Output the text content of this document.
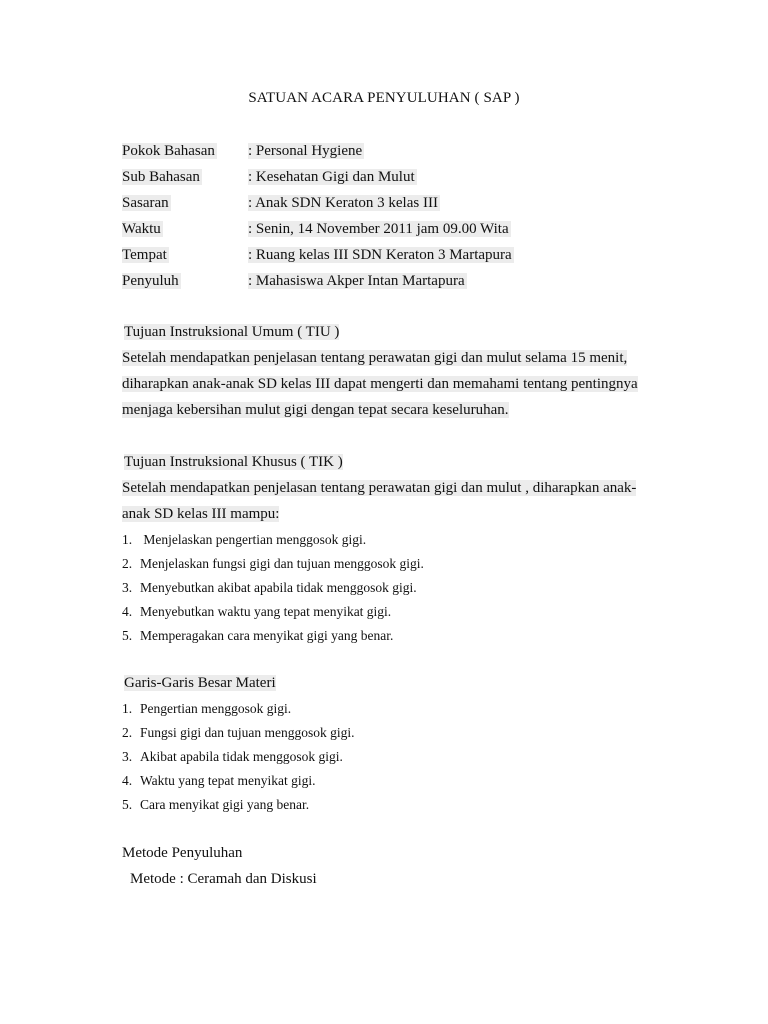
SATUAN ACARA PENYULUHAN ( SAP )
Pokok Bahasan	: Personal Hygiene
Sub Bahasan	: Kesehatan Gigi dan Mulut
Sasaran	: Anak SDN Keraton 3 kelas III
Waktu	: Senin, 14 November 2011 jam 09.00 Wita
Tempat	: Ruang kelas III SDN Keraton 3 Martapura
Penyuluh	: Mahasiswa Akper Intan Martapura
Tujuan Instruksional Umum ( TIU )
Setelah mendapatkan penjelasan tentang perawatan gigi dan mulut selama 15 menit,
diharapkan anak-anak SD kelas III dapat mengerti dan memahami tentang pentingnya
menjaga kebersihan mulut gigi dengan tepat secara keseluruhan.
Tujuan Instruksional Khusus ( TIK )
Setelah mendapatkan penjelasan tentang perawatan gigi dan mulut , diharapkan anak-
anak SD kelas III mampu:
1. Menjelaskan pengertian menggosok gigi.
2. Menjelaskan fungsi gigi dan tujuan menggosok gigi.
3. Menyebutkan akibat apabila tidak menggosok gigi.
4. Menyebutkan waktu yang tepat menyikat gigi.
5. Memperagakan cara menyikat gigi yang benar.
Garis-Garis Besar Materi
1. Pengertian menggosok gigi.
2. Fungsi gigi dan tujuan menggosok gigi.
3. Akibat apabila tidak menggosok gigi.
4. Waktu yang tepat menyikat gigi.
5. Cara menyikat gigi yang benar.
Metode Penyuluhan
Metode : Ceramah dan Diskusi
